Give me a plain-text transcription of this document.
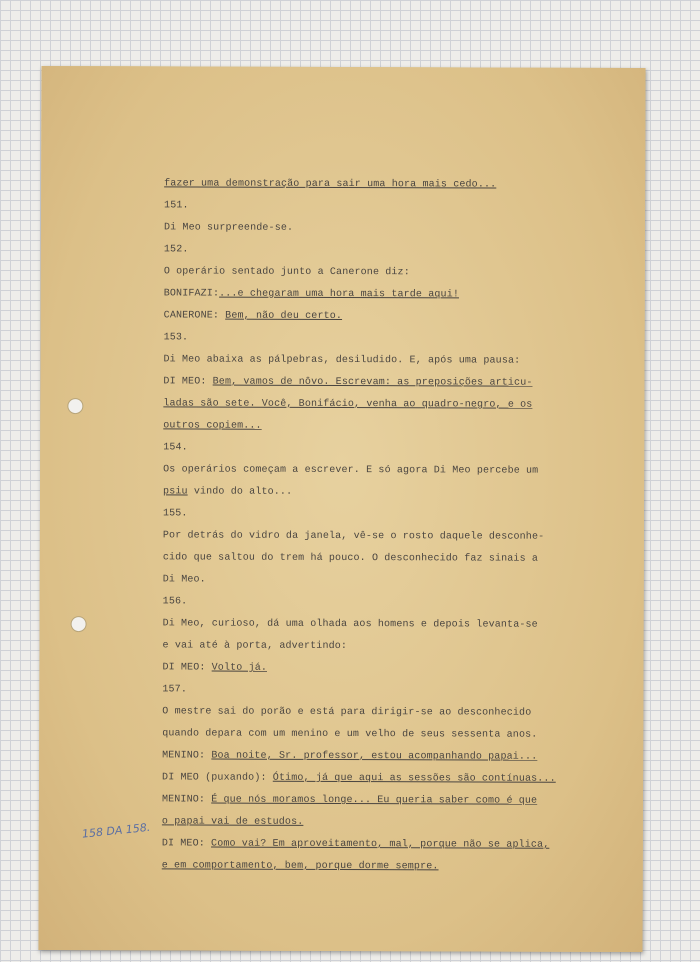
fazer uma demonstração para sair uma hora mais cedo...
151.
Di Meo surpreende-se.
152.
O operário sentado junto a Canerone diz:
BONIFAZI:...e chegaram uma hora mais tarde aqui!
CANERONE: Bem, não deu certo.
153.
Di Meo abaixa as pálpebras, desiludido. E, após uma pausa:
DI MEO: Bem, vamos de nôvo. Escrevam: as preposições articu-
ladas são sete. Você, Bonifácio, venha ao quadro-negro, e os
outros copiem...
154.
Os operários começam a escrever. E só agora Di Meo percebe um
psiu vindo do alto...
155.
Por detrás do vidro da janela, vê-se o rosto daquele desconhe-
cido que saltou do trem há pouco. O desconhecido faz sinais a
Di Meo.
156.
Di Meo, curioso, dá uma olhada aos homens e depois levanta-se
e vai até à porta, advertindo:
DI MEO: Volto já.
157.
O mestre sai do porão e está para dirigir-se ao desconhecido
quando depara com um menino e um velho de seus sessenta anos.
MENINO: Boa noite, Sr. professor, estou acompanhando papai...
DI MEO (puxando): Ótimo, já que aqui as sessões são contínuas...
MENINO: É que nós moramos longe... Eu queria saber como é que
o papai vai de estudos.
DI MEO: Como vai? Em aproveitamento, mal, porque não se aplica,
e em comportamento, bem, porque dorme sempre.
158 DA 158.
